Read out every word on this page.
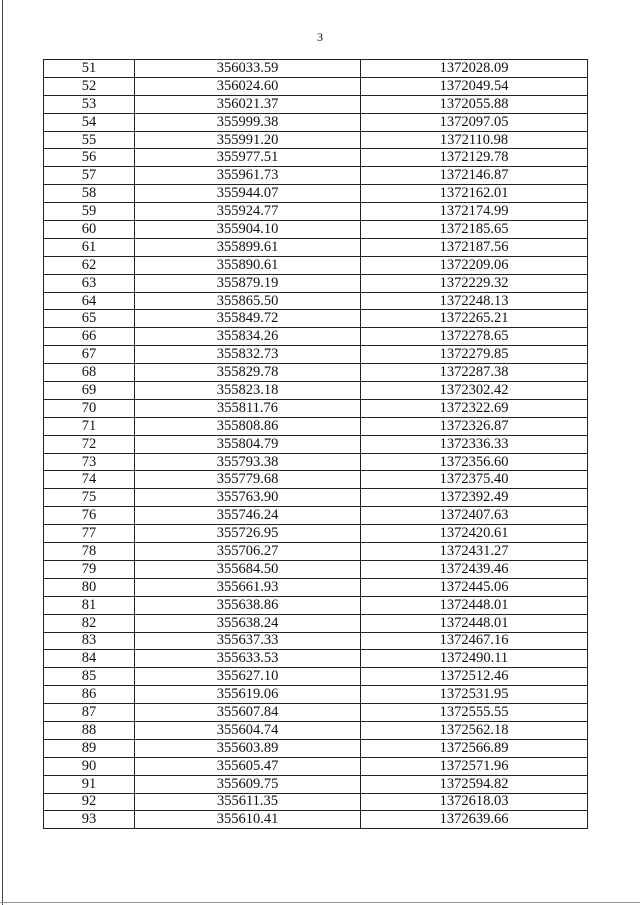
3
51	356033.59	1372028.09
52	356024.60	1372049.54
53	356021.37	1372055.88
54	355999.38	1372097.05
55	355991.20	1372110.98
56	355977.51	1372129.78
57	355961.73	1372146.87
58	355944.07	1372162.01
59	355924.77	1372174.99
60	355904.10	1372185.65
61	355899.61	1372187.56
62	355890.61	1372209.06
63	355879.19	1372229.32
64	355865.50	1372248.13
65	355849.72	1372265.21
66	355834.26	1372278.65
67	355832.73	1372279.85
68	355829.78	1372287.38
69	355823.18	1372302.42
70	355811.76	1372322.69
71	355808.86	1372326.87
72	355804.79	1372336.33
73	355793.38	1372356.60
74	355779.68	1372375.40
75	355763.90	1372392.49
76	355746.24	1372407.63
77	355726.95	1372420.61
78	355706.27	1372431.27
79	355684.50	1372439.46
80	355661.93	1372445.06
81	355638.86	1372448.01
82	355638.24	1372448.01
83	355637.33	1372467.16
84	355633.53	1372490.11
85	355627.10	1372512.46
86	355619.06	1372531.95
87	355607.84	1372555.55
88	355604.74	1372562.18
89	355603.89	1372566.89
90	355605.47	1372571.96
91	355609.75	1372594.82
92	355611.35	1372618.03
93	355610.41	1372639.66
